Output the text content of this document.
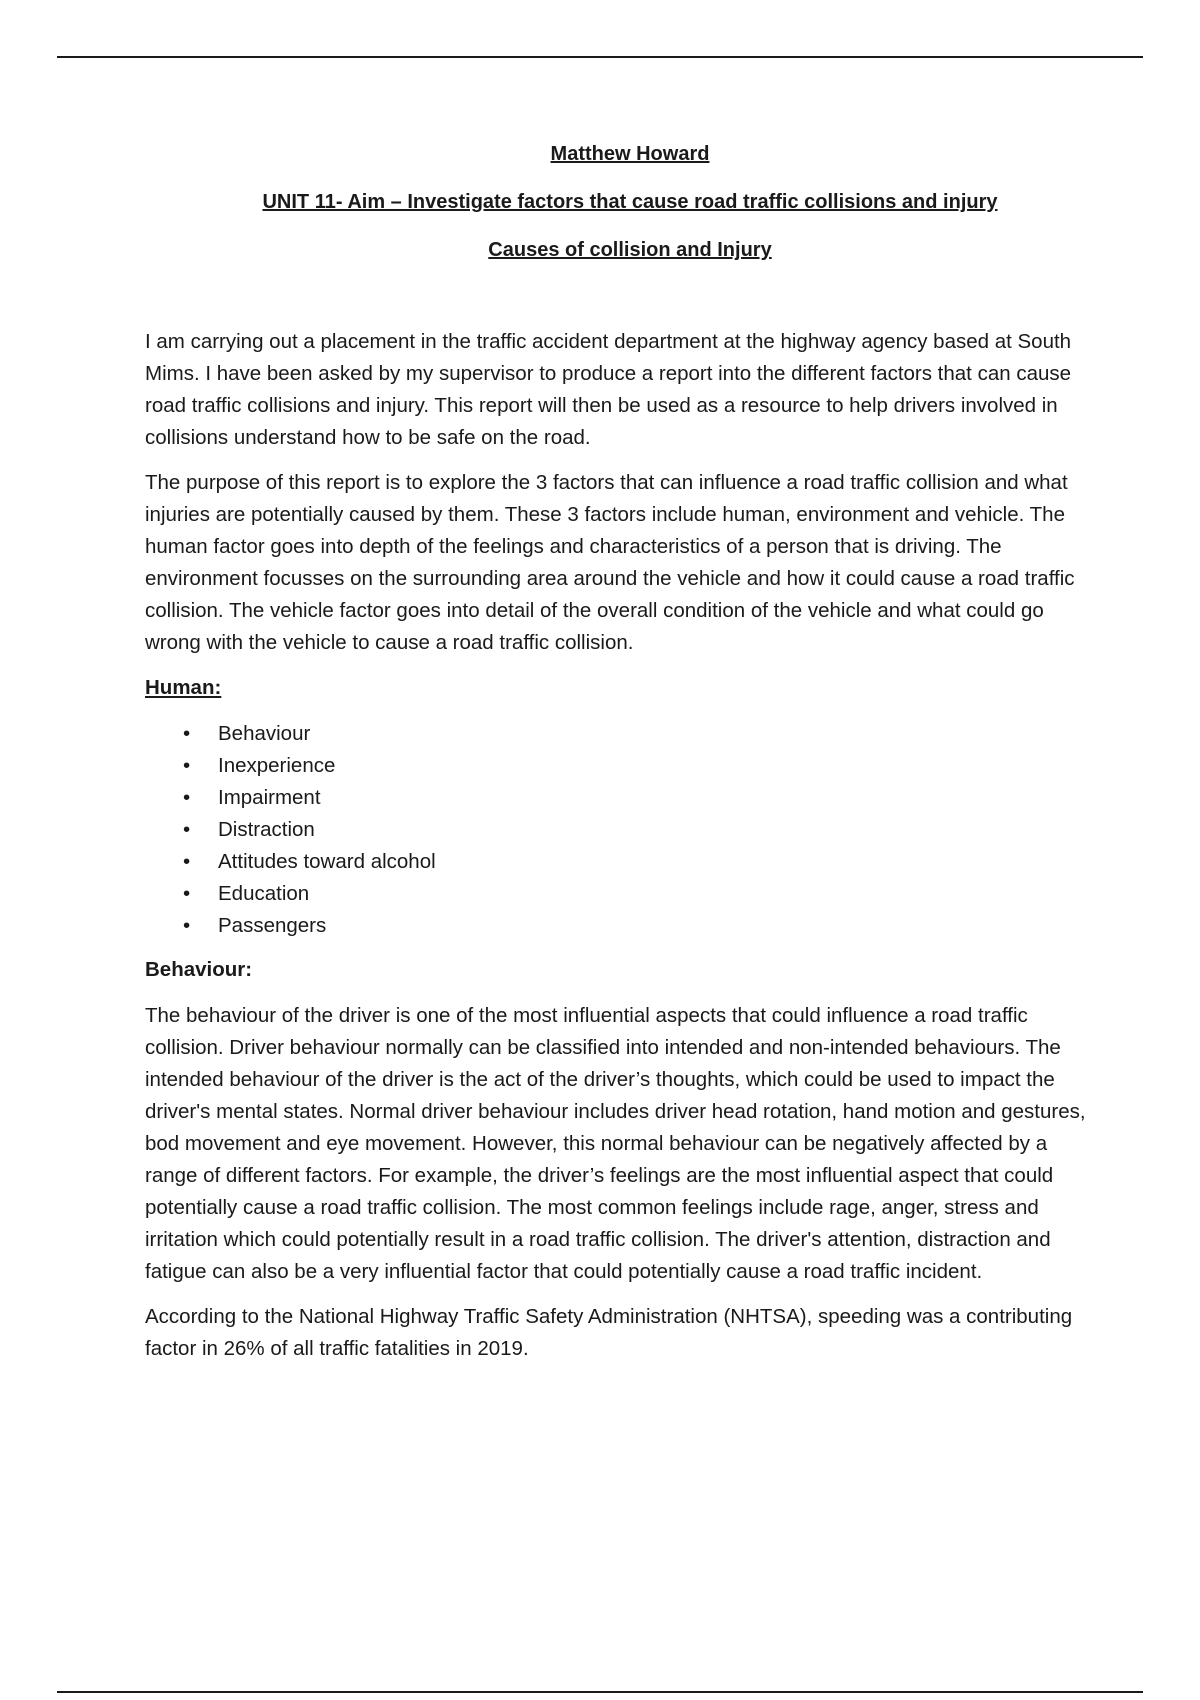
Matthew Howard
UNIT 11- Aim – Investigate factors that cause road traffic collisions and injury
Causes of collision and Injury

I am carrying out a placement in the traffic accident department at the highway agency based at South Mims. I have been asked by my supervisor to produce a report into the different factors that can cause road traffic collisions and injury. This report will then be used as a resource to help drivers involved in collisions understand how to be safe on the road.

The purpose of this report is to explore the 3 factors that can influence a road traffic collision and what injuries are potentially caused by them. These 3 factors include human, environment and vehicle. The human factor goes into depth of the feelings and characteristics of a person that is driving. The environment focusses on the surrounding area around the vehicle and how it could cause a road traffic collision. The vehicle factor goes into detail of the overall condition of the vehicle and what could go wrong with the vehicle to cause a road traffic collision.

Human:
• Behaviour
• Inexperience
• Impairment
• Distraction
• Attitudes toward alcohol
• Education
• Passengers
Behaviour:

The behaviour of the driver is one of the most influential aspects that could influence a road traffic collision. Driver behaviour normally can be classified into intended and non-intended behaviours. The intended behaviour of the driver is the act of the driver’s thoughts, which could be used to impact the driver's mental states. Normal driver behaviour includes driver head rotation, hand motion and gestures, bod movement and eye movement. However, this normal behaviour can be negatively affected by a range of different factors. For example, the driver’s feelings are the most influential aspect that could potentially cause a road traffic collision. The most common feelings include rage, anger, stress and irritation which could potentially result in a road traffic collision. The driver's attention, distraction and fatigue can also be a very influential factor that could potentially cause a road traffic incident.

According to the National Highway Traffic Safety Administration (NHTSA), speeding was a contributing factor in 26% of all traffic fatalities in 2019.
